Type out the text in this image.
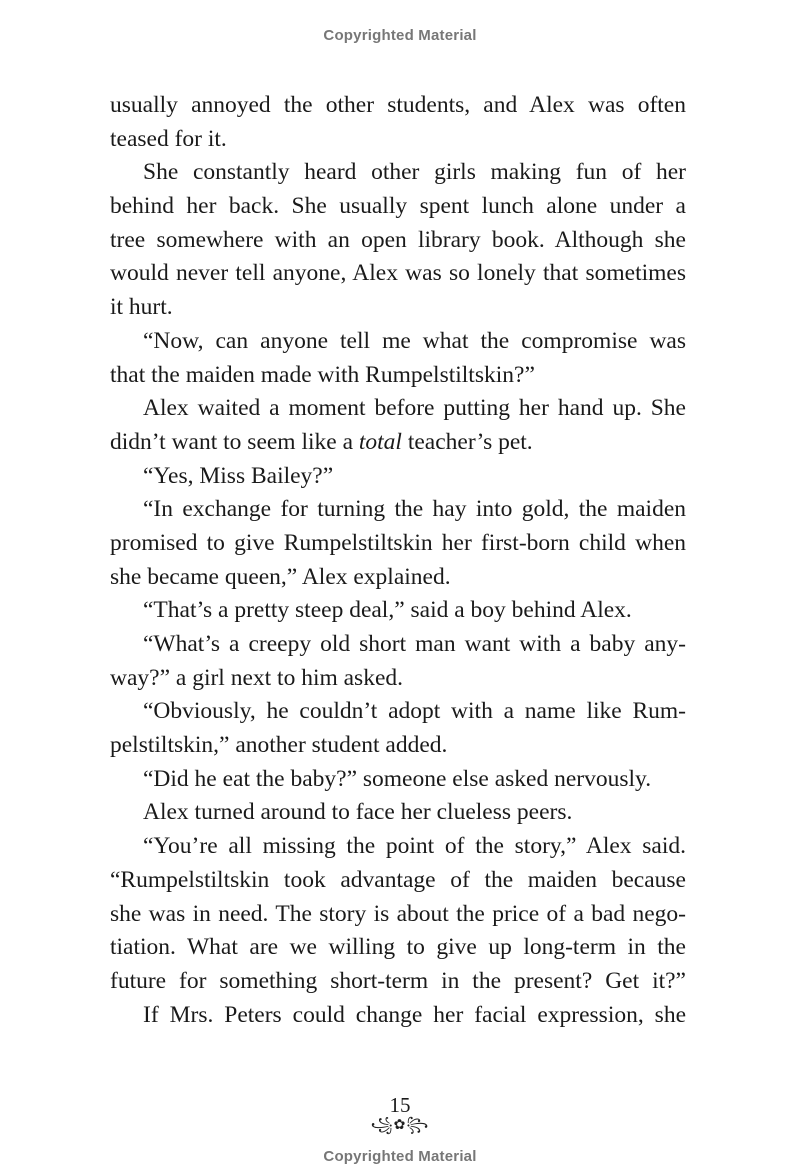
Copyrighted Material
usually annoyed the other students, and Alex was often
teased for it.
She constantly heard other girls making fun of her
behind her back. She usually spent lunch alone under a
tree somewhere with an open library book. Although she
would never tell anyone, Alex was so lonely that sometimes
it hurt.
“Now, can anyone tell me what the compromise was
that the maiden made with Rumpelstiltskin?”
Alex waited a moment before putting her hand up. She
didn’t want to seem like a total teacher’s pet.
“Yes, Miss Bailey?”
“In exchange for turning the hay into gold, the maiden
promised to give Rumpelstiltskin her first-born child when
she became queen,” Alex explained.
“That’s a pretty steep deal,” said a boy behind Alex.
“What’s a creepy old short man want with a baby any-
way?” a girl next to him asked.
“Obviously, he couldn’t adopt with a name like Rum-
pelstiltskin,” another student added.
“Did he eat the baby?” someone else asked nervously.
Alex turned around to face her clueless peers.
“You’re all missing the point of the story,” Alex said.
“Rumpelstiltskin took advantage of the maiden because
she was in need. The story is about the price of a bad nego-
tiation. What are we willing to give up long-term in the
future for something short-term in the present? Get it?”
If Mrs. Peters could change her facial expression, she
15
꧁✿꧂
Copyrighted Material
